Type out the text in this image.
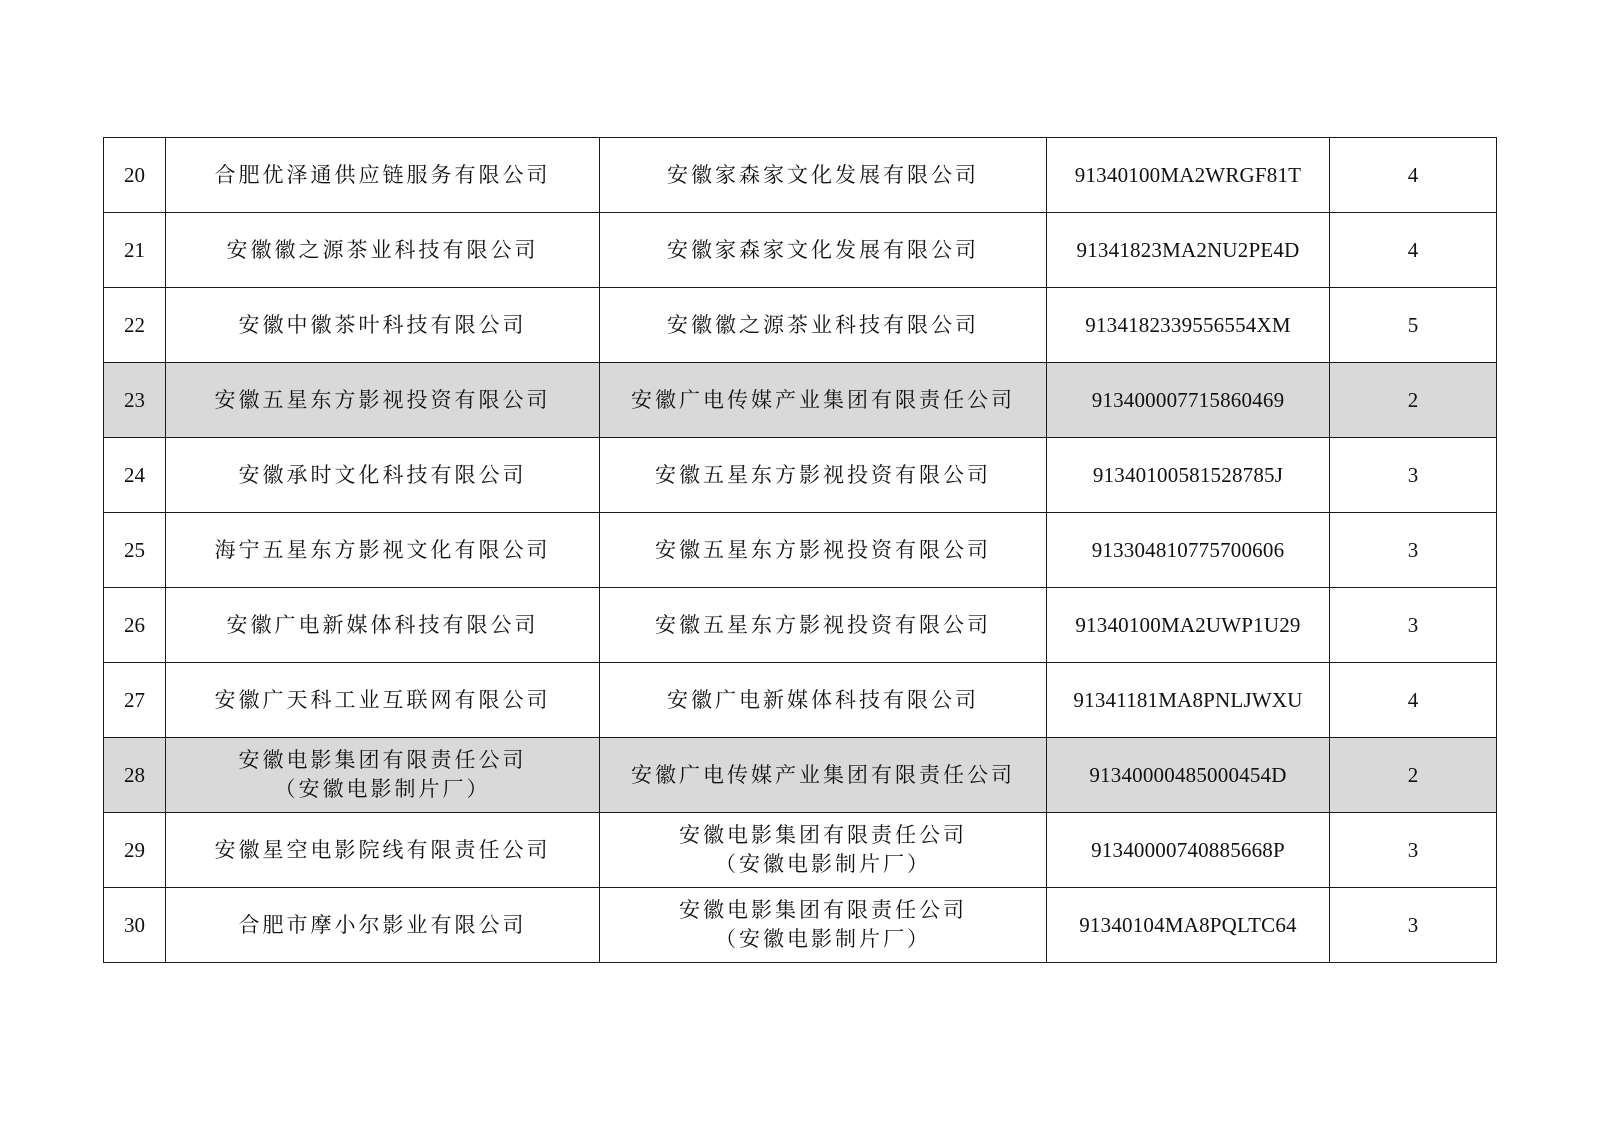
20	合肥优泽通供应链服务有限公司	安徽家森家文化发展有限公司	91340100MA2WRGF81T	4
21	安徽徽之源茶业科技有限公司	安徽家森家文化发展有限公司	91341823MA2NU2PE4D	4
22	安徽中徽茶叶科技有限公司	安徽徽之源茶业科技有限公司	9134182339556554XM	5
23	安徽五星东方影视投资有限公司	安徽广电传媒产业集团有限责任公司	913400007715860469	2
24	安徽承时文化科技有限公司	安徽五星东方影视投资有限公司	91340100581528785J	3
25	海宁五星东方影视文化有限公司	安徽五星东方影视投资有限公司	913304810775700606	3
26	安徽广电新媒体科技有限公司	安徽五星东方影视投资有限公司	91340100MA2UWP1U29	3
27	安徽广天科工业互联网有限公司	安徽广电新媒体科技有限公司	91341181MA8PNLJWXU	4
28	安徽电影集团有限责任公司
（安徽电影制片厂）	安徽广电传媒产业集团有限责任公司	91340000485000454D	2
29	安徽星空电影院线有限责任公司	安徽电影集团有限责任公司
（安徽电影制片厂）	91340000740885668P	3
30	合肥市摩小尔影业有限公司	安徽电影集团有限责任公司
（安徽电影制片厂）	91340104MA8PQLTC64	3
